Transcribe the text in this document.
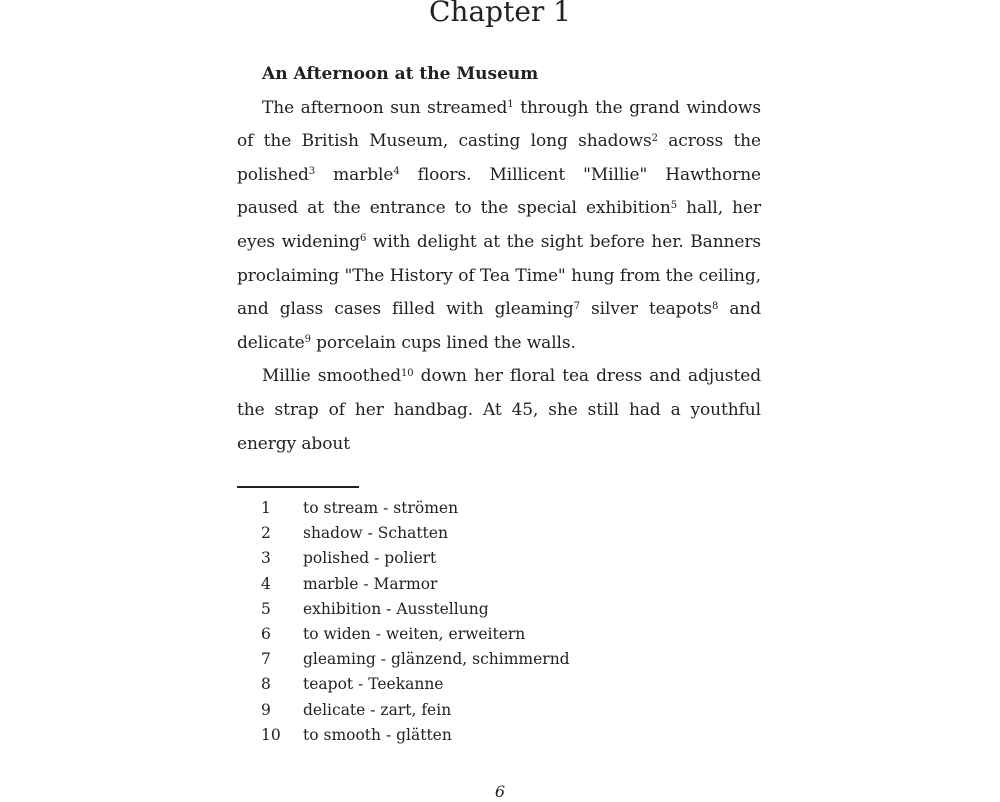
Chapter 1

An Afternoon at the Museum

The afternoon sun streamed$^1$ through the grand windows of the British Museum, casting long shadows$^2$ across the polished$^3$ marble$^4$ floors. Millicent "Millie" Hawthorne paused at the entrance to the special exhibition$^5$ hall, her eyes widening$^6$ with delight at the sight before her. Banners proclaiming "The History of Tea Time" hung from the ceiling, and glass cases filled with gleaming$^7$ silver teapots$^8$ and delicate$^9$ porcelain cups lined the walls.

Millie smoothed$^{10}$ down her floral tea dress and adjusted the strap of her handbag. At 45, she still had a youthful energy about

1	to stream - strömen
2	shadow - Schatten
3	polished - poliert
4	marble - Marmor
5	exhibition - Ausstellung
6	to widen - weiten, erweitern
7	gleaming - glänzend, schimmernd
8	teapot - Teekanne
9	delicate - zart, fein
10	to smooth - glätten
6
